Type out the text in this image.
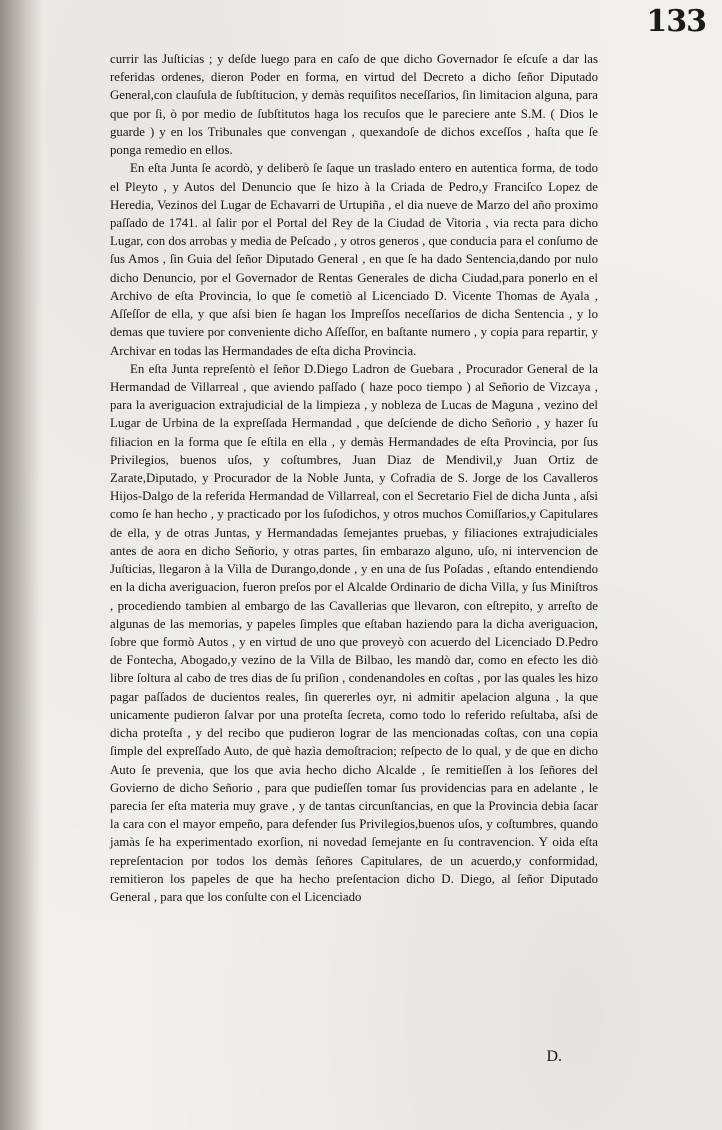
133

currir las Juſticias ; y deſde luego para en caſo de que dicho Governador ſe eſcuſe a dar las referidas ordenes, dieron Poder en forma, en virtud del Decreto a dicho ſeñor Diputado General,con clauſula de ſubſtitucion, y demàs requiſitos neceſſarios, ſin limitacion alguna, para que por ſi, ò por medio de ſubſtitutos haga los recuſos que le pareciere ante S.M. ( Dios le guarde ) y en los Tribunales que convengan , quexandoſe de dichos exceſſos , haſta que ſe ponga remedio en ellos.

En eſta Junta ſe acordò, y deliberò ſe ſaque un traslado entero en autentica forma, de todo el Pleyto , y Autos del Denuncio que ſe hizo à la Criada de Pedro,y Franciſco Lopez de Heredia, Vezinos del Lugar de Echavarri de Urtupiña , el dia nueve de Marzo del año proximo paſſado de 1741. al ſalir por el Portal del Rey de la Ciudad de Vitoria , via recta para dicho Lugar, con dos arrobas y media de Peſcado , y otros generos , que conducia para el conſumo de ſus Amos , ſin Guia del ſeñor Diputado General , en que ſe ha dado Sentencia,dando por nulo dicho Denuncio, por el Governador de Rentas Generales de dicha Ciudad,para ponerlo en el Archivo de eſta Provincia, lo que ſe cometiò al Licenciado D. Vicente Thomas de Ayala , Aſſeſſor de ella, y que aſsi bien ſe hagan los Impreſſos neceſſarios de dicha Sentencia , y lo demas que tuviere por conveniente dicho Aſſeſſor, en baſtante numero , y copia para repartir, y Archivar en todas las Hermandades de eſta dicha Provincia.

En eſta Junta repreſentò el ſeñor D.Diego Ladron de Guebara , Procurador General de la Hermandad de Villarreal , que aviendo paſſado ( haze poco tiempo ) al Señorio de Vizcaya , para la averiguacion extrajudicial de la limpieza , y nobleza de Lucas de Maguna , vezino del Lugar de Urbina de la expreſſada Hermandad , que deſciende de dicho Señorio , y hazer ſu filiacion en la forma que ſe eſtila en ella , y demàs Hermandades de eſta Provincia, por ſus Privilegios, buenos uſos, y coſtumbres, Juan Diaz de Mendivil,y Juan Ortiz de Zarate,Diputado, y Procurador de la Noble Junta, y Cofradia de S. Jorge de los Cavalleros Hijos-Dalgo de la referida Hermandad de Villarreal, con el Secretario Fiel de dicha Junta , aſsi como ſe han hecho , y practicado por los ſuſodichos, y otros muchos Comiſſarios,y Capitulares de ella, y de otras Juntas, y Hermandadas ſemejantes pruebas, y filiaciones extrajudiciales antes de aora en dicho Señorio, y otras partes, ſin embarazo alguno, uſo, ni intervencion de Juſticias, llegaron à la Villa de Durango,donde , y en una de ſus Poſadas , eſtando entendiendo en la dicha averiguacion, fueron preſos por el Alcalde Ordinario de dicha Villa, y ſus Miniſtros , procediendo tambien al embargo de las Cavallerias que llevaron, con eſtrepito, y arreſto de algunas de las memorias, y papeles ſimples que eſtaban haziendo para la dicha averiguacion, ſobre que formò Autos , y en virtud de uno que proveyò con acuerdo del Licenciado D.Pedro de Fontecha, Abogado,y vezino de la Villa de Bilbao, les mandò dar, como en efecto les diò libre ſoltura al cabo de tres dias de ſu priſion , condenandoles en coſtas , por las quales les hizo pagar paſſados de ducientos reales, ſin quererles oyr, ni admitir apelacion alguna , la que unicamente pudieron ſalvar por una proteſta ſecreta, como todo lo referido reſultaba, aſsi de dicha proteſta , y del recibo que pudieron lograr de las mencionadas coſtas, con una copia ſimple del expreſſado Auto, de què hazìa demoſtracion; reſpecto de lo qual, y de que en dicho Auto ſe prevenia, que los que avia hecho dicho Alcalde , ſe remitieſſen à los ſeñores del Govierno de dicho Señorio , para que pudieſſen tomar ſus providencias para en adelante , le parecia ſer eſta materia muy grave , y de tantas circunſtancias, en que la Provincia debia ſacar la cara con el mayor empeño, para defender ſus Privilegios,buenos uſos, y coſtumbres, quando jamàs ſe ha experimentado exorſion, ni novedad ſemejante en ſu contravencion. Y oida eſta repreſentacion por todos los demàs ſeñores Capitulares, de un acuerdo,y conformidad, remitieron los papeles de que ha hecho preſentacion dicho D. Diego, al ſeñor Diputado General , para que los conſulte con el Licenciado

D.
